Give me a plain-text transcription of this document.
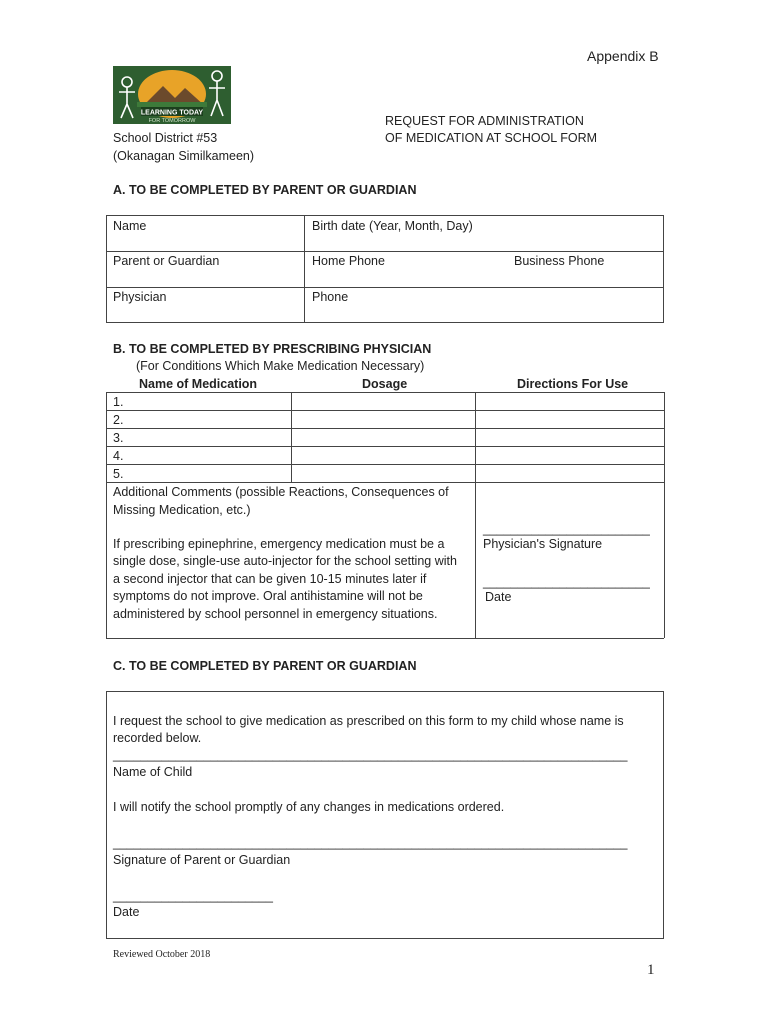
Appendix B
LEARNING TODAY
FOR TOMORROW
School District #53
(Okanagan Similkameen)
REQUEST FOR ADMINISTRATION
OF MEDICATION AT SCHOOL FORM
A. TO BE COMPLETED BY PARENT OR GUARDIAN
Name	Birth date (Year, Month, Day)
Parent or Guardian	Home Phone	Business Phone
Physician	Phone
B. TO BE COMPLETED BY PRESCRIBING PHYSICIAN
(For Conditions Which Make Medication Necessary)
Name of Medication	Dosage	Directions For Use
1.
2.
3.
4.
5.
Additional Comments (possible Reactions, Consequences of
Missing Medication, etc.)
If prescribing epinephrine, emergency medication must be a
single dose, single-use auto-injector for the school setting with
a second injector that can be given 10-15 minutes later if
symptoms do not improve. Oral antihistamine will not be
administered by school personnel in emergency situations.
________________________
Physician's Signature
________________________
Date
C. TO BE COMPLETED BY PARENT OR GUARDIAN
I request the school to give medication as prescribed on this form to my child whose name is
recorded below.
__________________________________________________________________________
Name of Child
I will notify the school promptly of any changes in medications ordered.
__________________________________________________________________________
Signature of Parent or Guardian
_______________________
Date
Reviewed October 2018
1
